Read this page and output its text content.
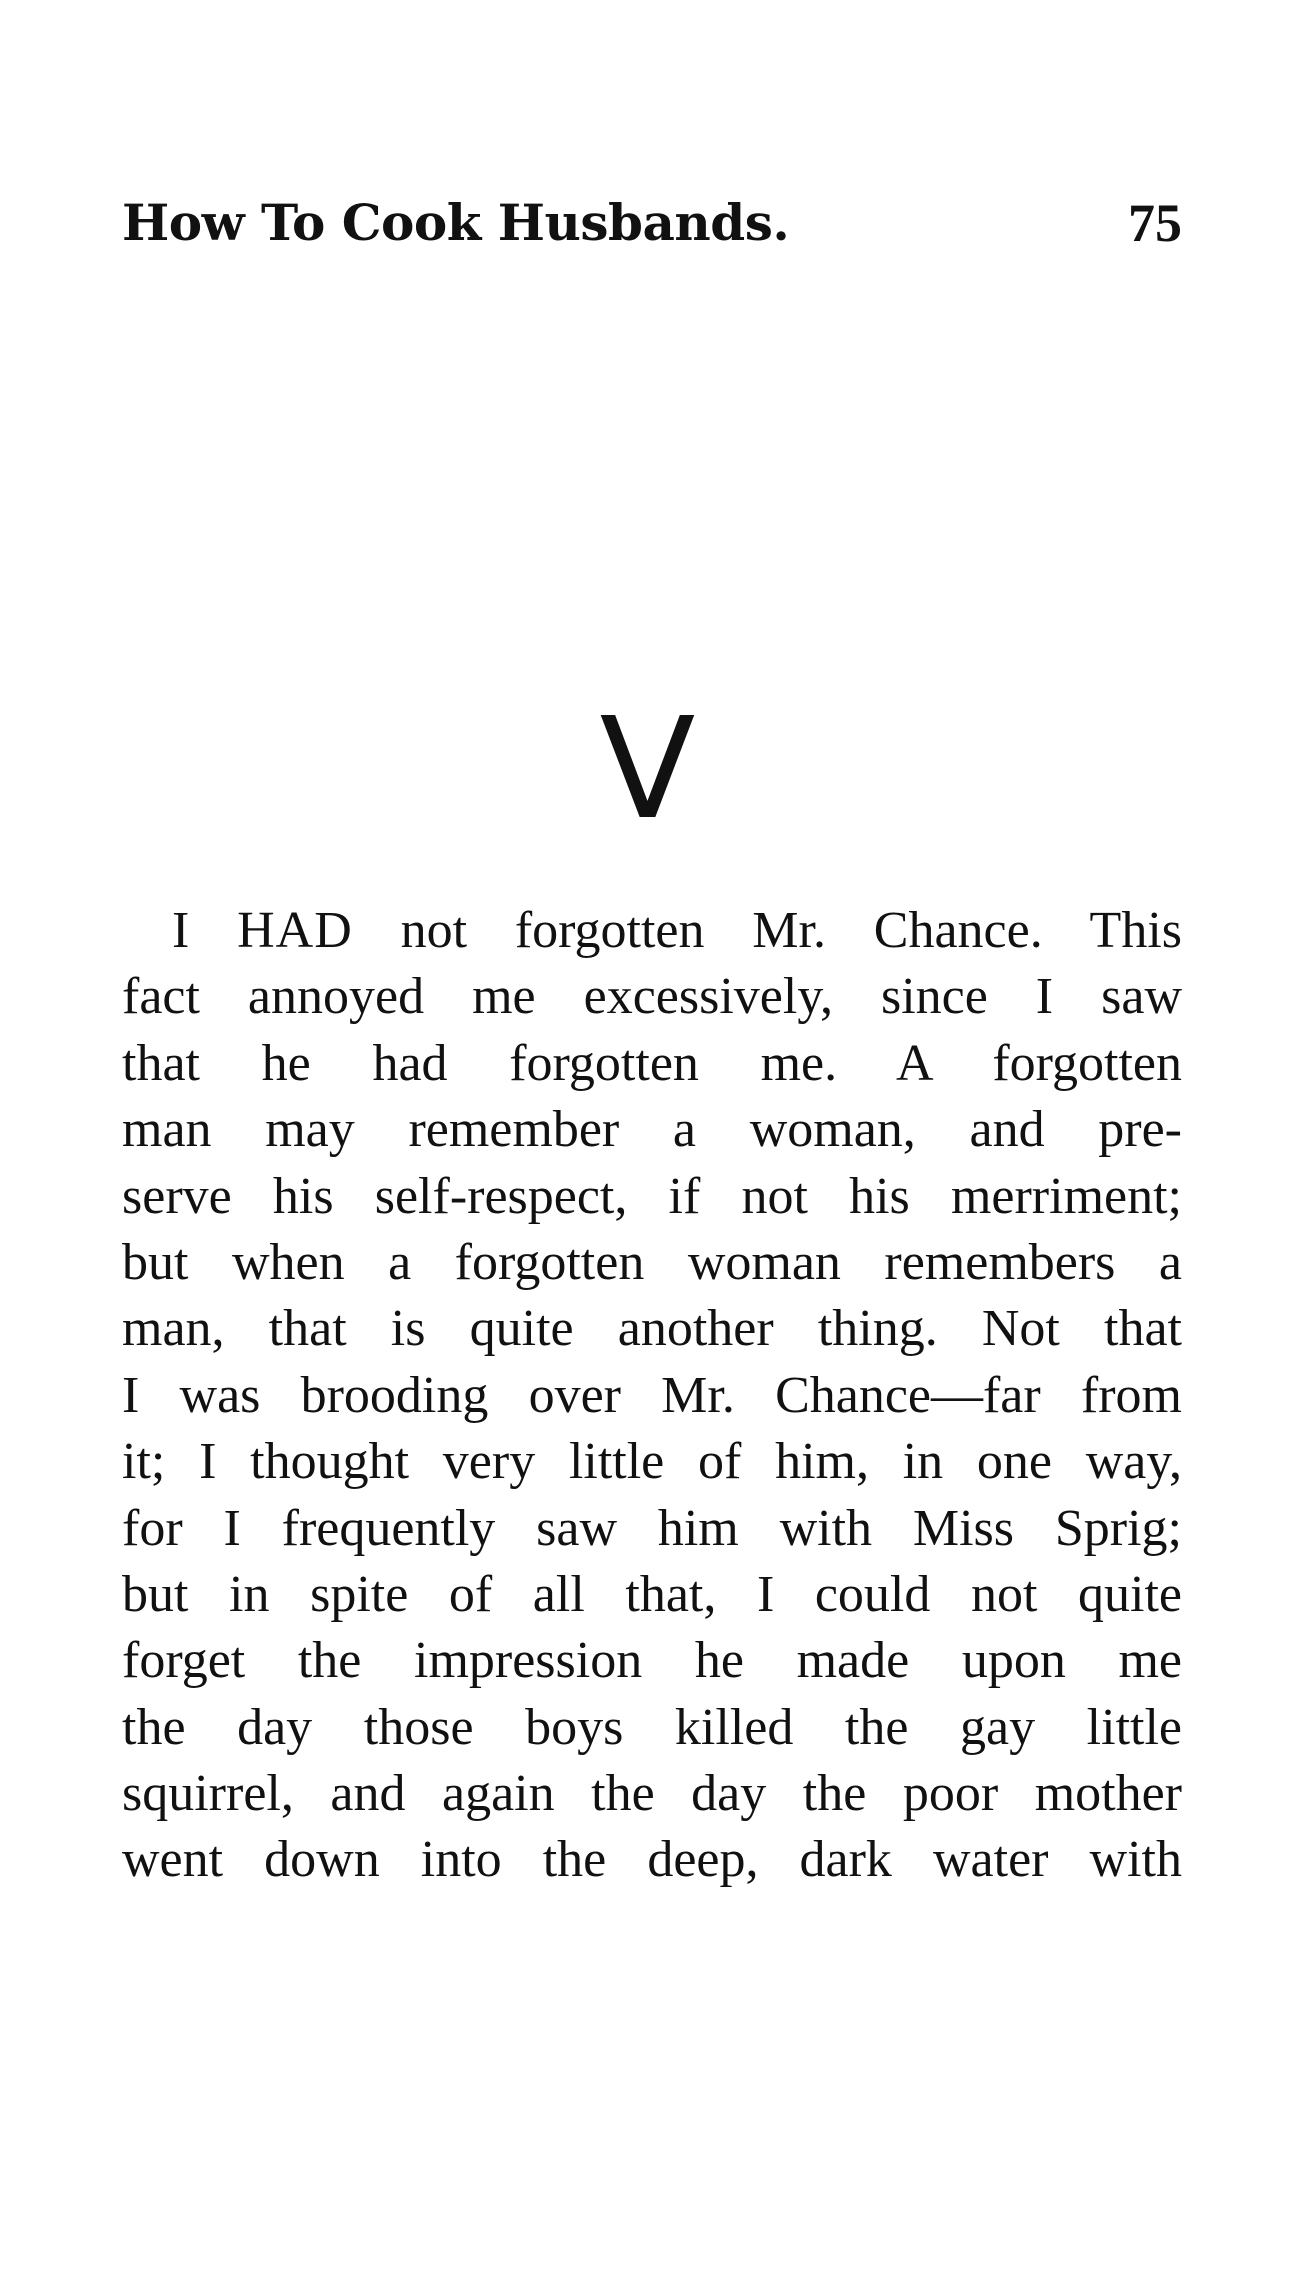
How To Cook Husbands.	75
V
I HAD not forgotten Mr. Chance. This
fact annoyed me excessively, since I saw
that he had forgotten me. A forgotten
man may remember a woman, and pre-
serve his self-respect, if not his merriment;
but when a forgotten woman remembers a
man, that is quite another thing. Not that
I was brooding over Mr. Chance—far from
it; I thought very little of him, in one way,
for I frequently saw him with Miss Sprig;
but in spite of all that, I could not quite
forget the impression he made upon me
the day those boys killed the gay little
squirrel, and again the day the poor mother
went down into the deep, dark water with
